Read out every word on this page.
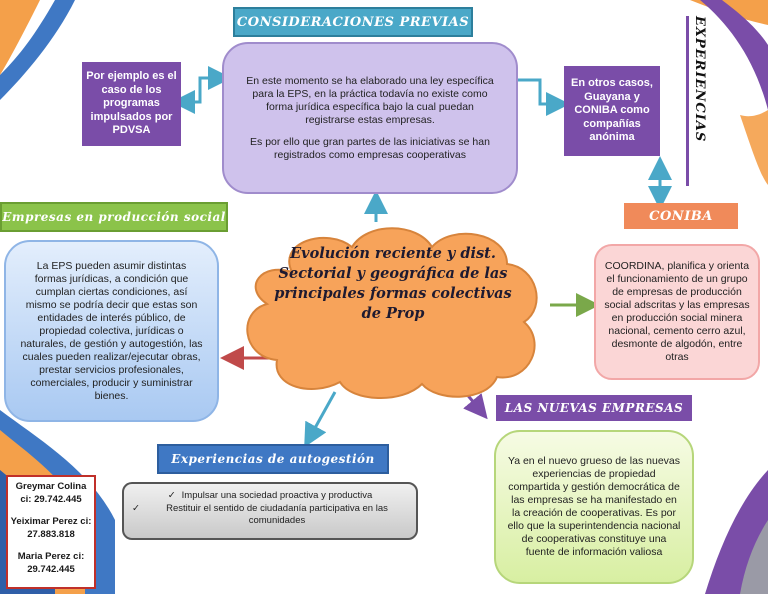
CONSIDERACIONES PREVIAS

En este momento se ha elaborado una ley específica para la EPS, en la práctica todavía no existe como forma jurídica específica bajo la cual puedan registrarse estas empresas.

Es por ello que gran partes de las iniciativas se han registrados como empresas cooperativas

Por ejemplo es el caso de los programas impulsados por PDVSA
En otros casos, Guayana y CONIBA como compañías anónima	EXPERIENCIAS
CONIBA

COORDINA, planifica y orienta el funcionamiento de un grupo de empresas de producción social adscritas y las empresas en producción social minera nacional, cemento cerro azul, desmonte de algodón, entre otras

Empresas en producción social

La EPS pueden asumir distintas formas jurídicas, a condición que cumplan ciertas condiciones, así mismo se podría decir que estas son entidades de interés público, de propiedad colectiva, jurídicas o naturales, de gestión y autogestión, las cuales pueden realizar/ejecutar obras, prestar servicios profesionales, comerciales, producir y suministrar bienes.

Evolución reciente y dist.
Sectorial y geográfica de las
principales formas colectivas
de Prop
LAS NUEVAS EMPRESAS

Ya en el nuevo grueso de las nuevas experiencias de propiedad compartida y gestión democrática de las empresas se ha manifestado en la creación de cooperativas. Es por ello que la superintendencia nacional de cooperativas constituye una fuente de información valiosa

Experiencias de autogestión
✓ Impulsar una sociedad proactiva y productiva
✓	Restituir el sentido de ciudadanía participativa en las comunidades
Greymar Colina
ci: 29.742.445
Yeiximar Perez ci:
27.883.818
Maria Perez ci:
29.742.445
